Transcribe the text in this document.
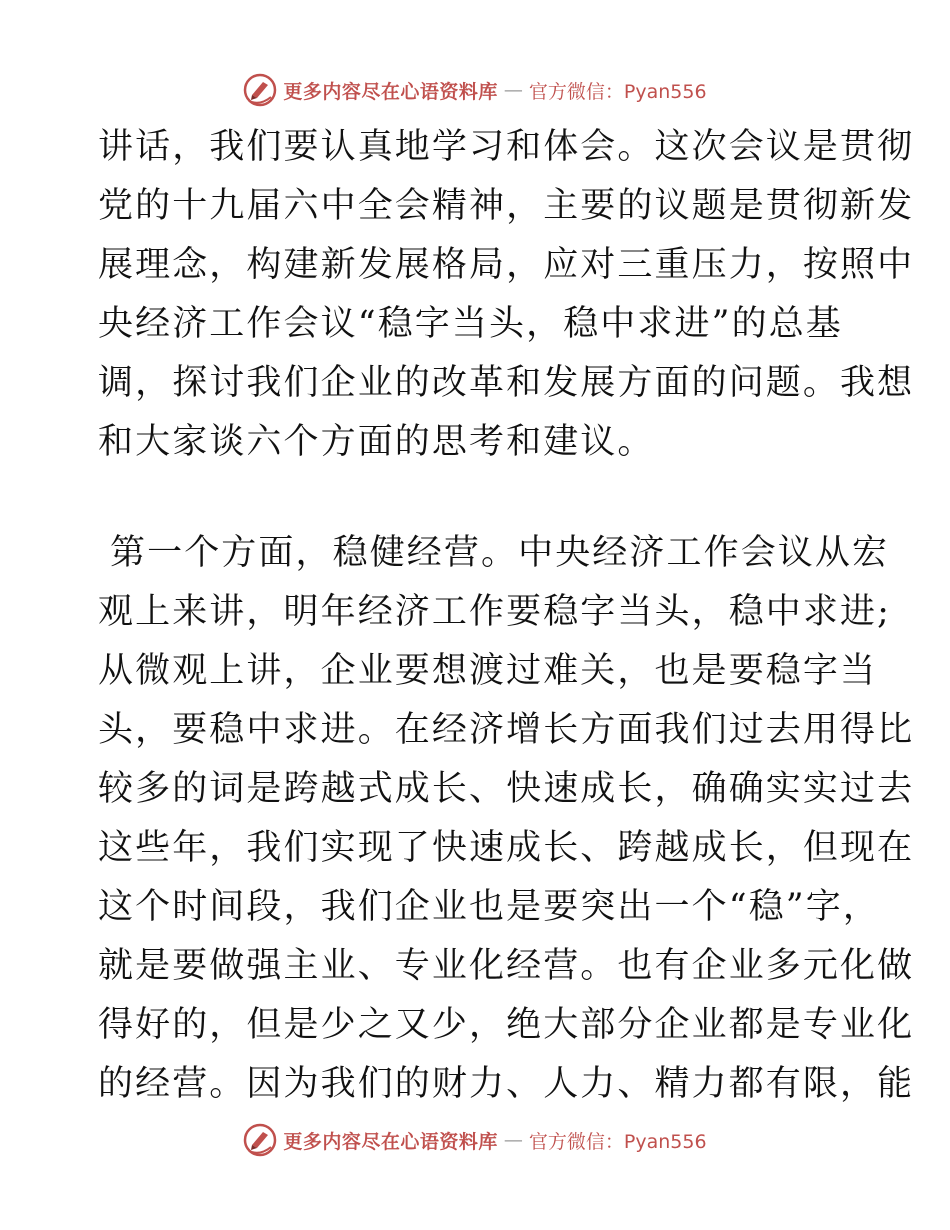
更多内容尽在心语资料库 — 官方微信：Pyan556
讲话，我们要认真地学习和体会。这次会议是贯彻
党的十九届六中全会精神，主要的议题是贯彻新发
展理念，构建新发展格局，应对三重压力，按照中
央经济工作会议“稳字当头，稳中求进”的总基
调，探讨我们企业的改革和发展方面的问题。我想
和大家谈六个方面的思考和建议。
第一个方面，稳健经营。中央经济工作会议从宏
观上来讲，明年经济工作要稳字当头，稳中求进;
从微观上讲，企业要想渡过难关，也是要稳字当
头，要稳中求进。在经济增长方面我们过去用得比
较多的词是跨越式成长、快速成长，确确实实过去
这些年，我们实现了快速成长、跨越成长，但现在
这个时间段，我们企业也是要突出一个“稳”字，
就是要做强主业、专业化经营。也有企业多元化做
得好的，但是少之又少，绝大部分企业都是专业化
的经营。因为我们的财力、人力、精力都有限，能
更多内容尽在心语资料库 — 官方微信：Pyan556
